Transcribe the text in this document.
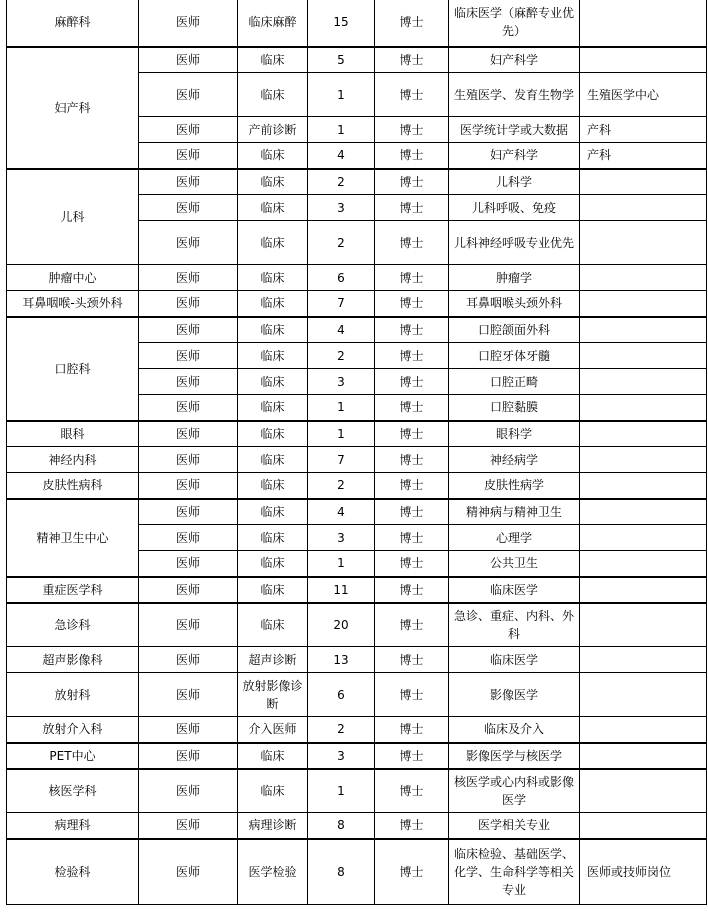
麻醉科	医师	临床麻醉	15	博士	临床医学（麻醉专业优先）	
妇产科	医师	临床	5	博士	妇产科学	
	医师	临床	1	博士	生殖医学、发育生物学	生殖医学中心
	医师	产前诊断	1	博士	医学统计学或大数据	产科
	医师	临床	4	博士	妇产科学	产科
儿科	医师	临床	2	博士	儿科学	
	医师	临床	3	博士	儿科呼吸、免疫	
	医师	临床	2	博士	儿科神经呼吸专业优先	
肿瘤中心	医师	临床	6	博士	肿瘤学	
耳鼻咽喉-头颈外科	医师	临床	7	博士	耳鼻咽喉头颈外科	
口腔科	医师	临床	4	博士	口腔颌面外科	
	医师	临床	2	博士	口腔牙体牙髓	
	医师	临床	3	博士	口腔正畸	
	医师	临床	1	博士	口腔黏膜	
眼科	医师	临床	1	博士	眼科学	
神经内科	医师	临床	7	博士	神经病学	
皮肤性病科	医师	临床	2	博士	皮肤性病学	
精神卫生中心	医师	临床	4	博士	精神病与精神卫生	
	医师	临床	3	博士	心理学	
	医师	临床	1	博士	公共卫生	
重症医学科	医师	临床	11	博士	临床医学	
急诊科	医师	临床	20	博士	急诊、重症、内科、外科	
超声影像科	医师	超声诊断	13	博士	临床医学	
放射科	医师	放射影像诊断	6	博士	影像医学	
放射介入科	医师	介入医师	2	博士	临床及介入	
PET中心	医师	临床	3	博士	影像医学与核医学	
核医学科	医师	临床	1	博士	核医学或心内科或影像医学	
病理科	医师	病理诊断	8	博士	医学相关专业	
检验科	医师	医学检验	8	博士	临床检验、基础医学、化学、生命科学等相关专业	医师或技师岗位
